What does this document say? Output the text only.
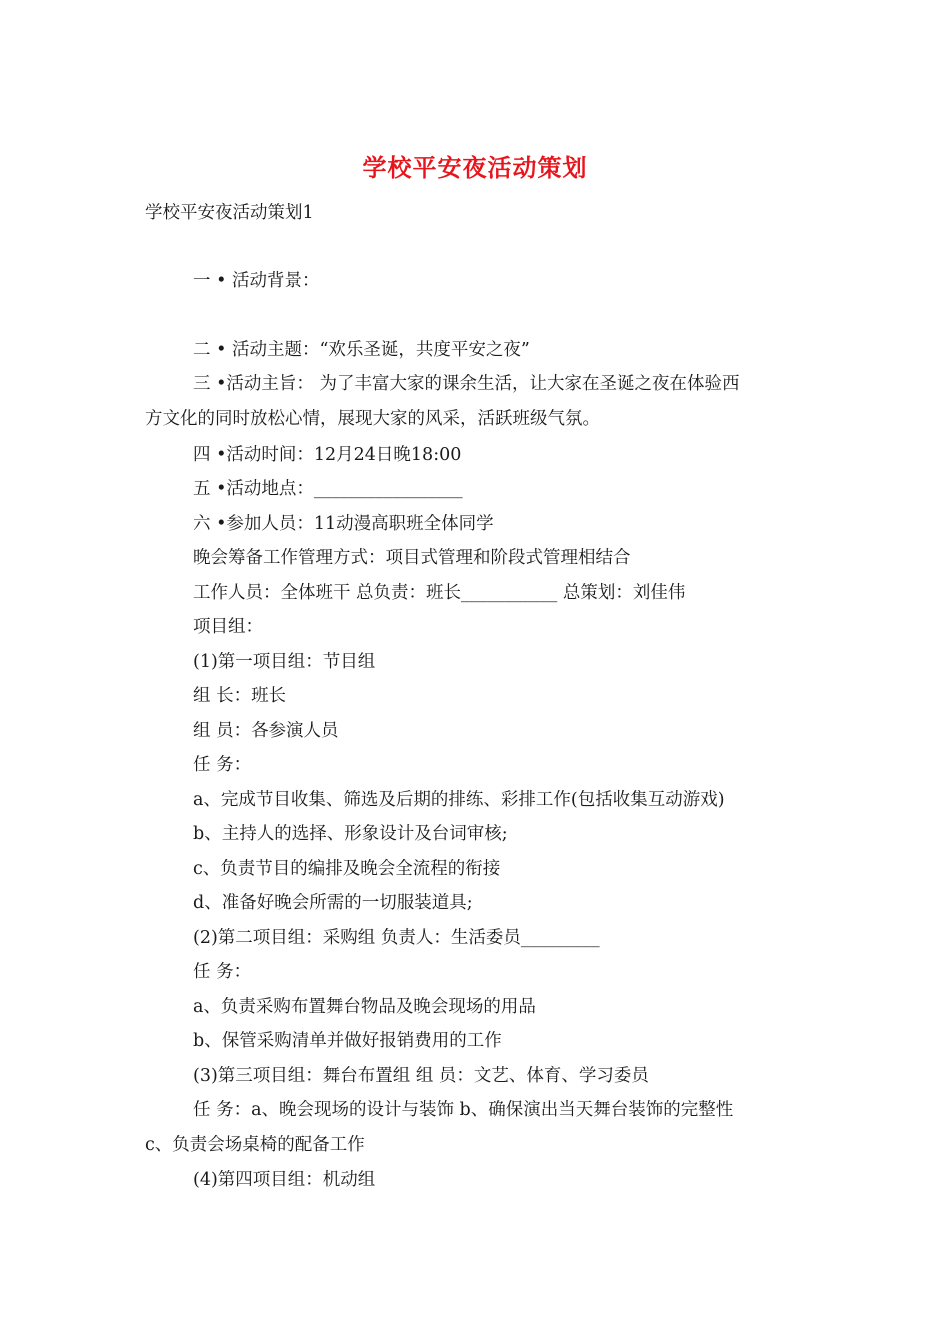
学校平安夜活动策划

学校平安夜活动策划1

一 • 活动背景：

二 • 活动主题：“欢乐圣诞，共度平安之夜”

三 •活动主旨： 为了丰富大家的课余生活，让大家在圣诞之夜在体验西

方文化的同时放松心情，展现大家的风采，活跃班级气氛。

四 •活动时间：12月24日晚18:00

五 •活动地点：_________________

六 •参加人员：11动漫高职班全体同学

晚会筹备工作管理方式：项目式管理和阶段式管理相结合

工作人员：全体班干 总负责：班长___________ 总策划：刘佳伟

项目组：

(1)第一项目组：节目组

组 长：班长

组 员：各参演人员

任 务：

a、完成节目收集、筛选及后期的排练、彩排工作(包括收集互动游戏)

b、主持人的选择、形象设计及台词审核;

c、负责节目的编排及晚会全流程的衔接

d、准备好晚会所需的一切服装道具;

(2)第二项目组：采购组 负责人：生活委员_________

任 务：

a、负责采购布置舞台物品及晚会现场的用品

b、保管采购清单并做好报销费用的工作

(3)第三项目组：舞台布置组 组 员：文艺、体育、学习委员

任 务：a、晚会现场的设计与装饰 b、确保演出当天舞台装饰的完整性

c、负责会场桌椅的配备工作

(4)第四项目组：机动组
